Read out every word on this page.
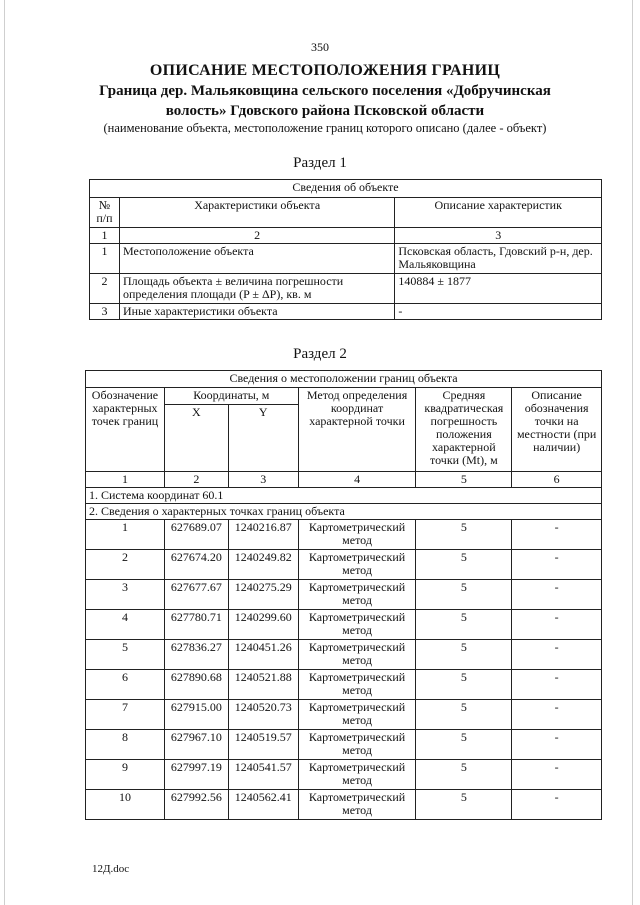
350
ОПИСАНИЕ МЕСТОПОЛОЖЕНИЯ ГРАНИЦ
Граница дер. Мальяковщина сельского поселения «Добручинская
волость» Гдовского района Псковской области
(наименование объекта, местоположение границ которого описано (далее - объект)
Раздел 1
Сведения об объекте		
№ п/п	Характеристики объекта	Описание характеристик
1	2	3
1	Местоположение объекта	Псковская область, Гдовский р-н, дер. Мальяковщина
2	Площадь объекта ± величина погрешности определения площади (P ± ΔP), кв. м	140884 ± 1877
3	Иные характеристики объекта	-
Раздел 2
Сведения о местоположении границ объекта					
Обозначение характерных точек границ	Координаты, м		Метод определения координат характерной точки	Средняя квадратическая погрешность положения характерной точки (Mt), м	Описание обозначения точки на местности (при наличии)
	X	Y			
1	2	3	4	5	6
1. Система координат 60.1					
2. Сведения о характерных точках границ объекта					
1	627689.07	1240216.87	Картометрический метод	5	-
2	627674.20	1240249.82	Картометрический метод	5	-
3	627677.67	1240275.29	Картометрический метод	5	-
4	627780.71	1240299.60	Картометрический метод	5	-
5	627836.27	1240451.26	Картометрический метод	5	-
6	627890.68	1240521.88	Картометрический метод	5	-
7	627915.00	1240520.73	Картометрический метод	5	-
8	627967.10	1240519.57	Картометрический метод	5	-
9	627997.19	1240541.57	Картометрический метод	5	-
10	627992.56	1240562.41	Картометрический метод	5	-
12Д.doc
